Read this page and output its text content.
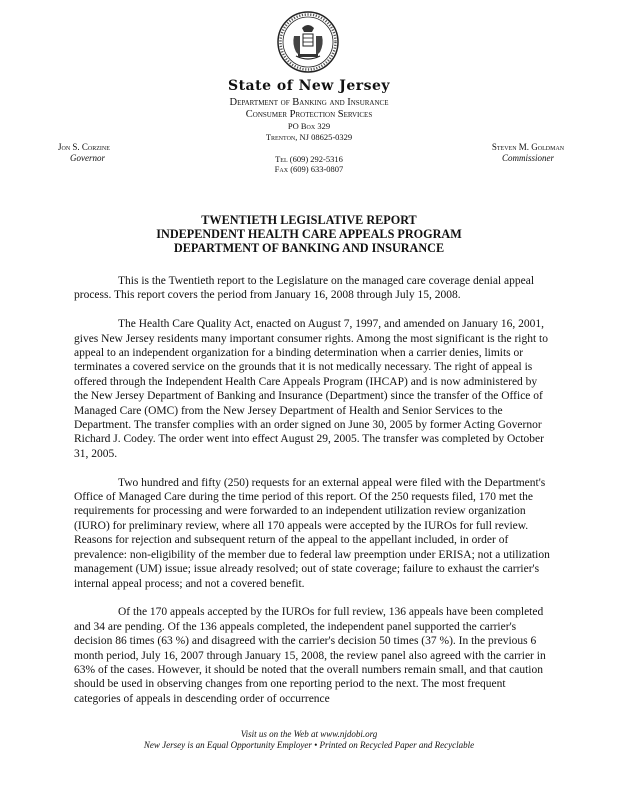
State of New Jersey
Department of Banking and Insurance
Consumer Protection Services
PO Box 329
Trenton, NJ 08625-0329
Jon S. Corzine
Governor	Tel (609) 292-5316
Fax (609) 633-0807
Steven M. Goldman
Commissioner
TWENTIETH LEGISLATIVE REPORT
INDEPENDENT HEALTH CARE APPEALS PROGRAM
DEPARTMENT OF BANKING AND INSURANCE

This is the Twentieth report to the Legislature on the managed care coverage denial appeal process. This report covers the period from January 16, 2008 through July 15, 2008.

The Health Care Quality Act, enacted on August 7, 1997, and amended on January 16, 2001, gives New Jersey residents many important consumer rights. Among the most significant is the right to appeal to an independent organization for a binding determination when a carrier denies, limits or terminates a covered service on the grounds that it is not medically necessary. The right of appeal is offered through the Independent Health Care Appeals Program (IHCAP) and is now administered by the New Jersey Department of Banking and Insurance (Department) since the transfer of the Office of Managed Care (OMC) from the New Jersey Department of Health and Senior Services to the Department. The transfer complies with an order signed on June 30, 2005 by former Acting Governor Richard J. Codey. The order went into effect August 29, 2005. The transfer was completed by October 31, 2005.

Two hundred and fifty (250) requests for an external appeal were filed with the Department's Office of Managed Care during the time period of this report. Of the 250 requests filed, 170 met the requirements for processing and were forwarded to an independent utilization review organization (IURO) for preliminary review, where all 170 appeals were accepted by the IUROs for full review. Reasons for rejection and subsequent return of the appeal to the appellant included, in order of prevalence: non-eligibility of the member due to federal law preemption under ERISA; not a utilization management (UM) issue; issue already resolved; out of state coverage; failure to exhaust the carrier's internal appeal process; and not a covered benefit.

Of the 170 appeals accepted by the IUROs for full review, 136 appeals have been completed and 34 are pending. Of the 136 appeals completed, the independent panel supported the carrier's decision 86 times (63 %) and disagreed with the carrier's decision 50 times (37 %). In the previous 6 month period, July 16, 2007 through January 15, 2008, the review panel also agreed with the carrier in 63% of the cases. However, it should be noted that the overall numbers remain small, and that caution should be used in observing changes from one reporting period to the next. The most frequent categories of appeals in descending order of occurrence

Visit us on the Web at www.njdobi.org
New Jersey is an Equal Opportunity Employer • Printed on Recycled Paper and Recyclable
